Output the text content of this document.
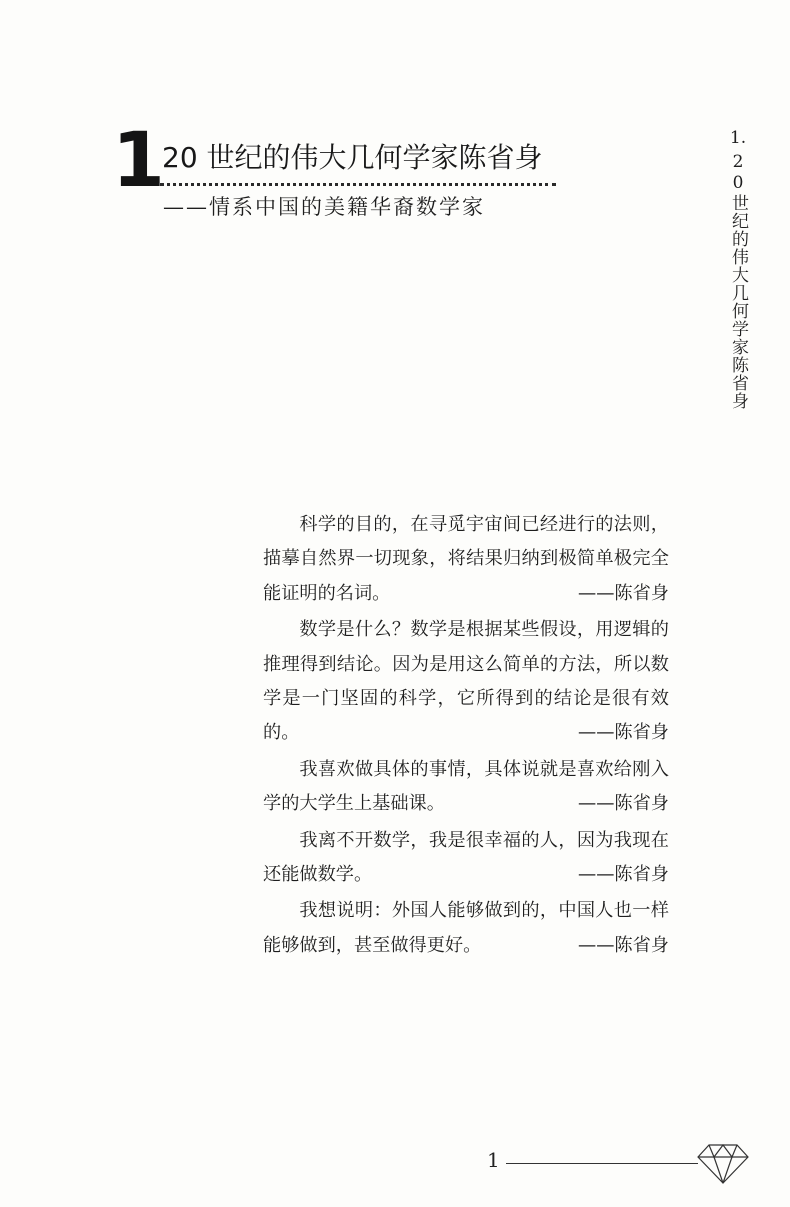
1
20 世纪的伟大几何学家陈省身
——情系中国的美籍华裔数学家
1.
20世纪的伟大几何学家陈省身

科学的目的，在寻觅宇宙间已经进行的法则，描摹自然界一切现象，将结果归纳到极简单极完全能证明的名词。	——陈省身

数学是什么？数学是根据某些假设，用逻辑的推理得到结论。因为是用这么简单的方法，所以数学是一门坚固的科学，它所得到的结论是很有效的。	——陈省身

我喜欢做具体的事情，具体说就是喜欢给刚入学的大学生上基础课。	——陈省身

我离不开数学，我是很幸福的人，因为我现在还能做数学。	——陈省身

我想说明：外国人能够做到的，中国人也一样能够做到，甚至做得更好。	——陈省身

1
